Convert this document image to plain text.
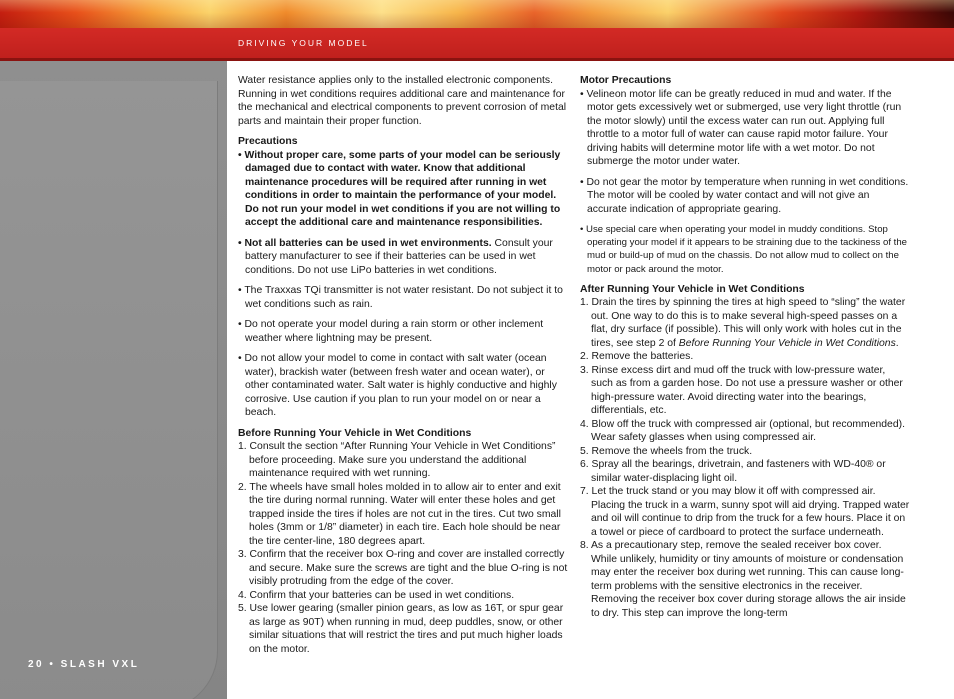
DRIVING YOUR MODEL
20 • SLASH VXL

Water resistance applies only to the installed electronic components. Running in wet conditions requires additional care and maintenance for the mechanical and electrical components to prevent corrosion of metal parts and maintain their proper function.

Precautions

• Without proper care, some parts of your model can be seriously damaged due to contact with water. Know that additional maintenance procedures will be required after running in wet conditions in order to maintain the performance of your model. Do not run your model in wet conditions if you are not willing to accept the additional care and maintenance responsibilities.

• Not all batteries can be used in wet environments. Consult your battery manufacturer to see if their batteries can be used in wet conditions. Do not use LiPo batteries in wet conditions.

• The Traxxas TQi transmitter is not water resistant. Do not subject it to wet conditions such as rain.

• Do not operate your model during a rain storm or other inclement weather where lightning may be present.

• Do not allow your model to come in contact with salt water (ocean water), brackish water (between fresh water and ocean water), or other contaminated water. Salt water is highly conductive and highly corrosive. Use caution if you plan to run your model on or near a beach.

Before Running Your Vehicle in Wet Conditions
1. Consult the section “After Running Your Vehicle in Wet Conditions” before proceeding. Make sure you understand the additional maintenance required with wet running.
2. The wheels have small holes molded in to allow air to enter and exit the tire during normal running. Water will enter these holes and get trapped inside the tires if holes are not cut in the tires. Cut two small holes (3mm or 1/8” diameter) in each tire. Each hole should be near the tire center-line, 180 degrees apart.
3. Confirm that the receiver box O-ring and cover are installed correctly and secure. Make sure the screws are tight and the blue O-ring is not visibly protruding from the edge of the cover.
4. Confirm that your batteries can be used in wet conditions.
5. Use lower gearing (smaller pinion gears, as low as 16T, or spur gear as large as 90T) when running in mud, deep puddles, snow, or other similar situations that will restrict the tires and put much higher loads on the motor.
Motor Precautions

• Velineon motor life can be greatly reduced in mud and water. If the motor gets excessively wet or submerged, use very light throttle (run the motor slowly) until the excess water can run out. Applying full throttle to a motor full of water can cause rapid motor failure. Your driving habits will determine motor life with a wet motor. Do not submerge the motor under water.

• Do not gear the motor by temperature when running in wet conditions. The motor will be cooled by water contact and will not give an accurate indication of appropriate gearing.

• Use special care when operating your model in muddy conditions. Stop operating your model if it appears to be straining due to the tackiness of the mud or build-up of mud on the chassis. Do not allow mud to collect on the motor or pack around the motor.

After Running Your Vehicle in Wet Conditions
1. Drain the tires by spinning the tires at high speed to “sling” the water out. One way to do this is to make several high-speed passes on a flat, dry surface (if possible). This will only work with holes cut in the tires, see step 2 of Before Running Your Vehicle in Wet Conditions.
2. Remove the batteries.
3. Rinse excess dirt and mud off the truck with low-pressure water, such as from a garden hose. Do not use a pressure washer or other high-pressure water. Avoid directing water into the bearings, differentials, etc.
4. Blow off the truck with compressed air (optional, but recommended). Wear safety glasses when using compressed air.
5. Remove the wheels from the truck.
6. Spray all the bearings, drivetrain, and fasteners with WD-40® or similar water-displacing light oil.
7. Let the truck stand or you may blow it off with compressed air. Placing the truck in a warm, sunny spot will aid drying. Trapped water and oil will continue to drip from the truck for a few hours. Place it on a towel or piece of cardboard to protect the surface underneath.
8. As a precautionary step, remove the sealed receiver box cover. While unlikely, humidity or tiny amounts of moisture or condensation may enter the receiver box during wet running. This can cause long-term problems with the sensitive electronics in the receiver. Removing the receiver box cover during storage allows the air inside to dry. This step can improve the long-term
